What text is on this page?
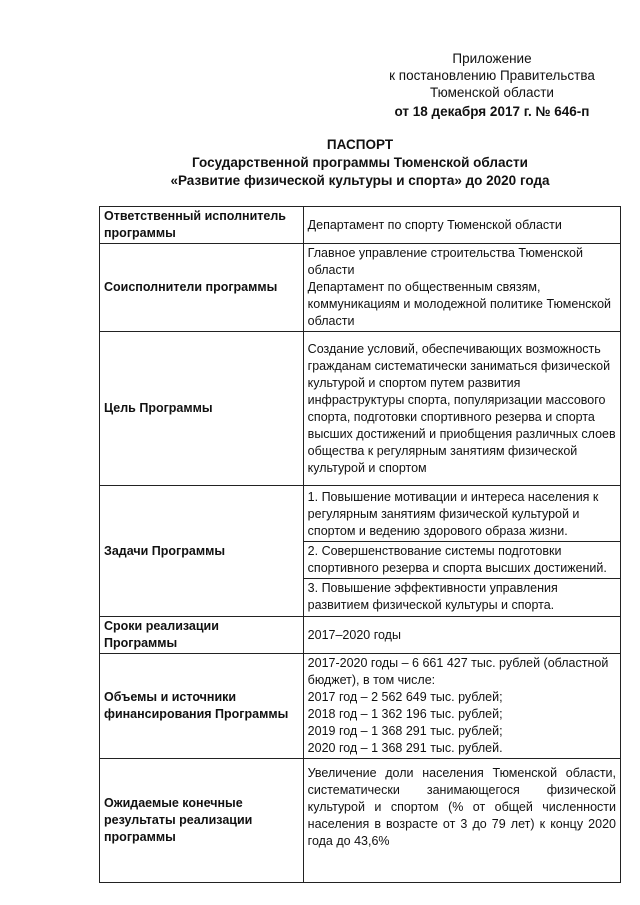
Приложение
к постановлению Правительства
Тюменской области
от 18 декабря 2017 г. № 646-п
ПАСПОРТ
Государственной программы Тюменской области
«Развитие физической культуры и спорта» до 2020 года
Ответственный исполнитель
программы	Департамент по спорту Тюменской области
Соисполнители программы	Главное управление строительства Тюменской области
Департамент по общественным связям, коммуникациям и молодежной политике Тюменской области

Цель Программы	Создание условий, обеспечивающих возможность гражданам систематически заниматься физической культурой и спортом путем развития инфраструктуры спорта, популяризации массового спорта, подготовки спортивного резерва и спорта высших достижений и приобщения различных слоев общества к регулярным занятиям физической культурой и спортом
Задачи Программы	1. Повышение мотивации и интереса населения к регулярным занятиям физической культурой и спортом и ведению здорового образа жизни.
2. Совершенствование системы подготовки спортивного резерва и спорта высших достижений.
3. Повышение эффективности управления развитием физической культуры и спорта.

Сроки реализации
Программы	2017–2020 годы

Объемы и источники
финансирования Программы	2017-2020 годы – 6 661 427 тыс. рублей (областной бюджет), в том числе:
2017 год – 2 562 649 тыс. рублей;
2018 год – 1 362 196 тыс. рублей;
2019 год – 1 368 291 тыс. рублей;
2020 год – 1 368 291 тыс. рублей.

Ожидаемые конечные
результаты реализации
программы	Увеличение доли населения Тюменской области, систематически занимающегося физической культурой и спортом (% от общей численности населения в возрасте от 3 до 79 лет) к концу 2020 года до 43,6%
